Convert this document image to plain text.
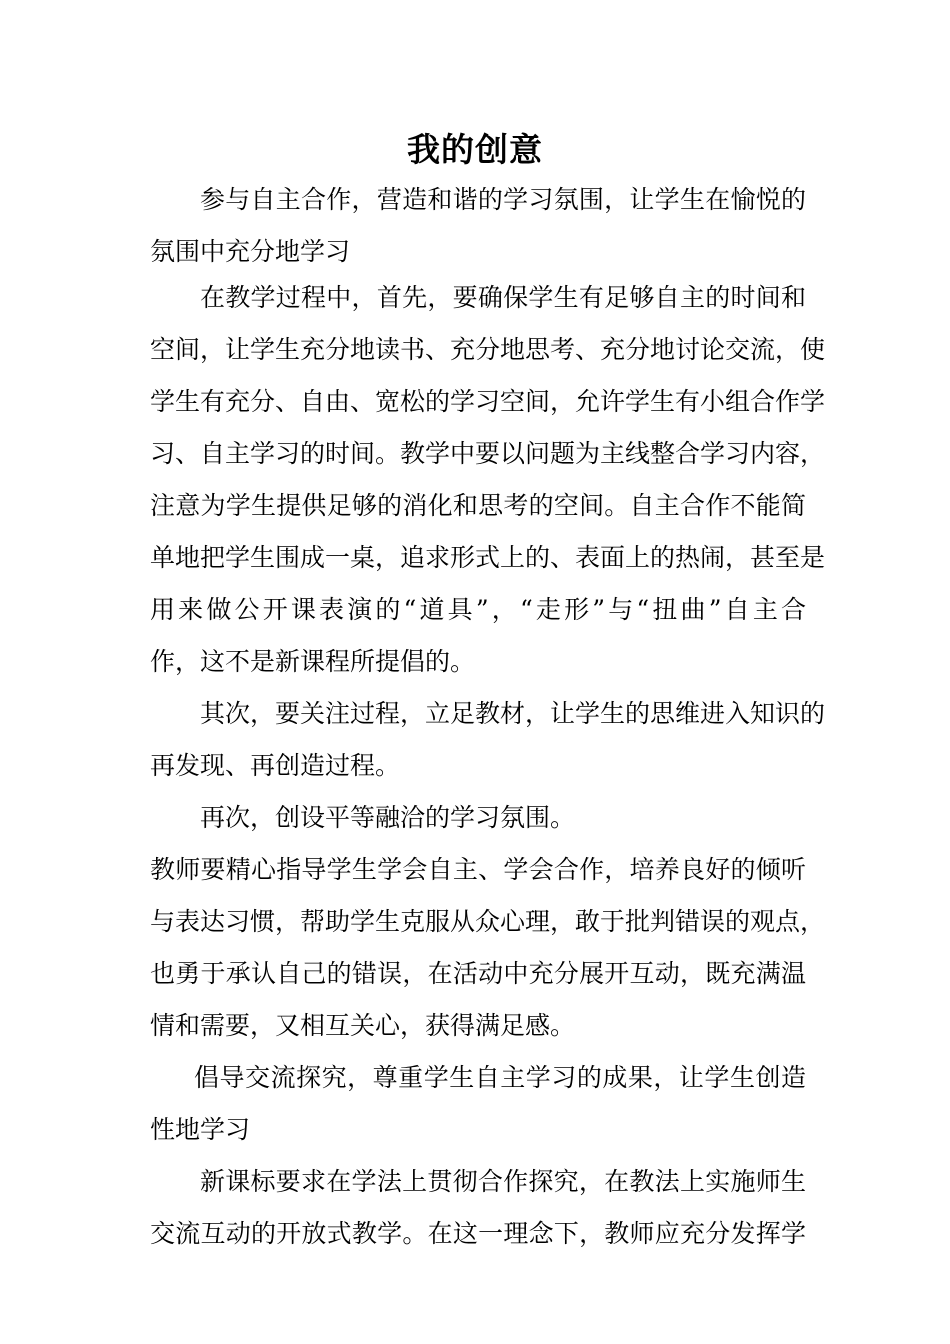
我的创意
参与自主合作，营造和谐的学习氛围，让学生在愉悦的
氛围中充分地学习
在教学过程中，首先，要确保学生有足够自主的时间和
空间，让学生充分地读书、充分地思考、充分地讨论交流，使
学生有充分、自由、宽松的学习空间，允许学生有小组合作学
习、自主学习的时间。教学中要以问题为主线整合学习内容，
注意为学生提供足够的消化和思考的空间。自主合作不能简
单地把学生围成一桌，追求形式上的、表面上的热闹，甚至是
用来做公开课表演的“道具”，“走形”与“扭曲”自主合
作，这不是新课程所提倡的。
其次，要关注过程，立足教材，让学生的思维进入知识的
再发现、再创造过程。
再次，创设平等融洽的学习氛围。
教师要精心指导学生学会自主、学会合作，培养良好的倾听
与表达习惯，帮助学生克服从众心理，敢于批判错误的观点，
也勇于承认自己的错误，在活动中充分展开互动，既充满温
情和需要，又相互关心，获得满足感。
倡导交流探究，尊重学生自主学习的成果，让学生创造
性地学习
新课标要求在学法上贯彻合作探究，在教法上实施师生
交流互动的开放式教学。在这一理念下，教师应充分发挥学
